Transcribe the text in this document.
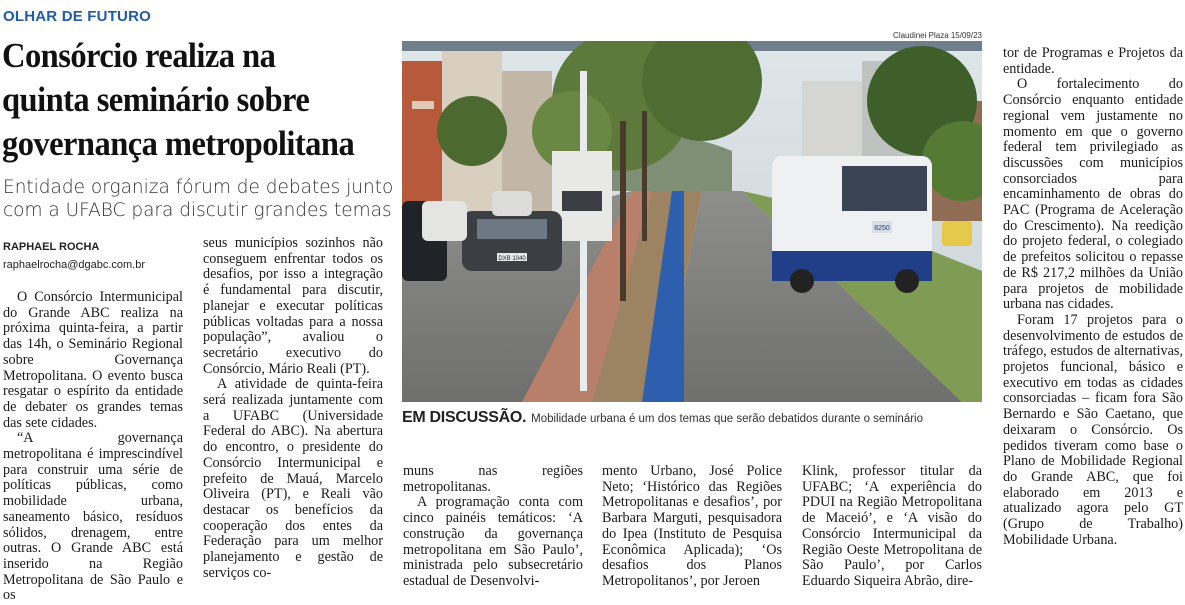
OLHAR DE FUTURO
Consórcio realiza na quinta seminário sobre governança metropolitana
Entidade organiza fórum de debates junto com a UFABC para discutir grandes temas
RAPHAEL ROCHA
raphaelrocha@dgabc.com.br

O Consórcio Intermunicipal do Grande ABC realiza na próxima quinta-feira, a partir das 14h, o Seminário Regional sobre Governança Metropolitana. O evento busca resgatar o espírito da entidade de debater os grandes temas das sete cidades.

“A governança metropolitana é imprescindível para construir uma série de políticas públicas, como mobilidade urbana, saneamento básico, resíduos sólidos, drenagem, entre outras. O Grande ABC está inserido na Região Metropolitana de São Paulo e os

seus municípios sozinhos não conseguem enfrentar todos os desafios, por isso a integração é fundamental para discutir, planejar e executar políticas públicas voltadas para a nossa população”, avaliou o secretário executivo do Consórcio, Mário Reali (PT).

A atividade de quinta-feira será realizada juntamente com a UFABC (Universidade Federal do ABC). Na abertura do encontro, o presidente do Consórcio Intermunicipal e prefeito de Mauá, Marcelo Oliveira (PT), e Reali vão destacar os benefícios da cooperação dos entes da Federação para um melhor planejamento e gestão de serviços co-

Claudinei Plaza 15/09/23
8250
DXB 1040
EM DISCUSSÃO. Mobilidade urbana é um dos temas que serão debatidos durante o seminário

muns nas regiões metropolitanas.

A programação conta com cinco painéis temáticos: ‘A construção da governança metropolitana em São Paulo’, ministrada pelo subsecretário estadual de Desenvolvi-

mento Urbano, José Police Neto; ‘Histórico das Regiões Metropolitanas e desafios’, por Barbara Marguti, pesquisadora do Ipea (Instituto de Pesquisa Econômica Aplicada); ‘Os desafios dos Planos Metropolitanos’, por Jeroen

Klink, professor titular da UFABC; ‘A experiência do PDUI na Região Metropolitana de Maceió’, e ‘A visão do Consórcio Intermunicipal da Região Oeste Metropolitana de São Paulo’, por Carlos Eduardo Siqueira Abrão, dire-

tor de Programas e Projetos da entidade.

O fortalecimento do Consórcio enquanto entidade regional vem justamente no momento em que o governo federal tem privilegiado as discussões com municípios consorciados para encaminhamento de obras do PAC (Programa de Aceleração do Crescimento). Na reedição do projeto federal, o colegiado de prefeitos solicitou o repasse de R$ 217,2 milhões da União para projetos de mobilidade urbana nas cidades.

Foram 17 projetos para o desenvolvimento de estudos de tráfego, estudos de alternativas, projetos funcional, básico e executivo em todas as cidades consorciadas – ficam fora São Bernardo e São Caetano, que deixaram o Consórcio. Os pedidos tiveram como base o Plano de Mobilidade Regional do Grande ABC, que foi elaborado em 2013 e atualizado agora pelo GT (Grupo de Trabalho) Mobilidade Urbana.
